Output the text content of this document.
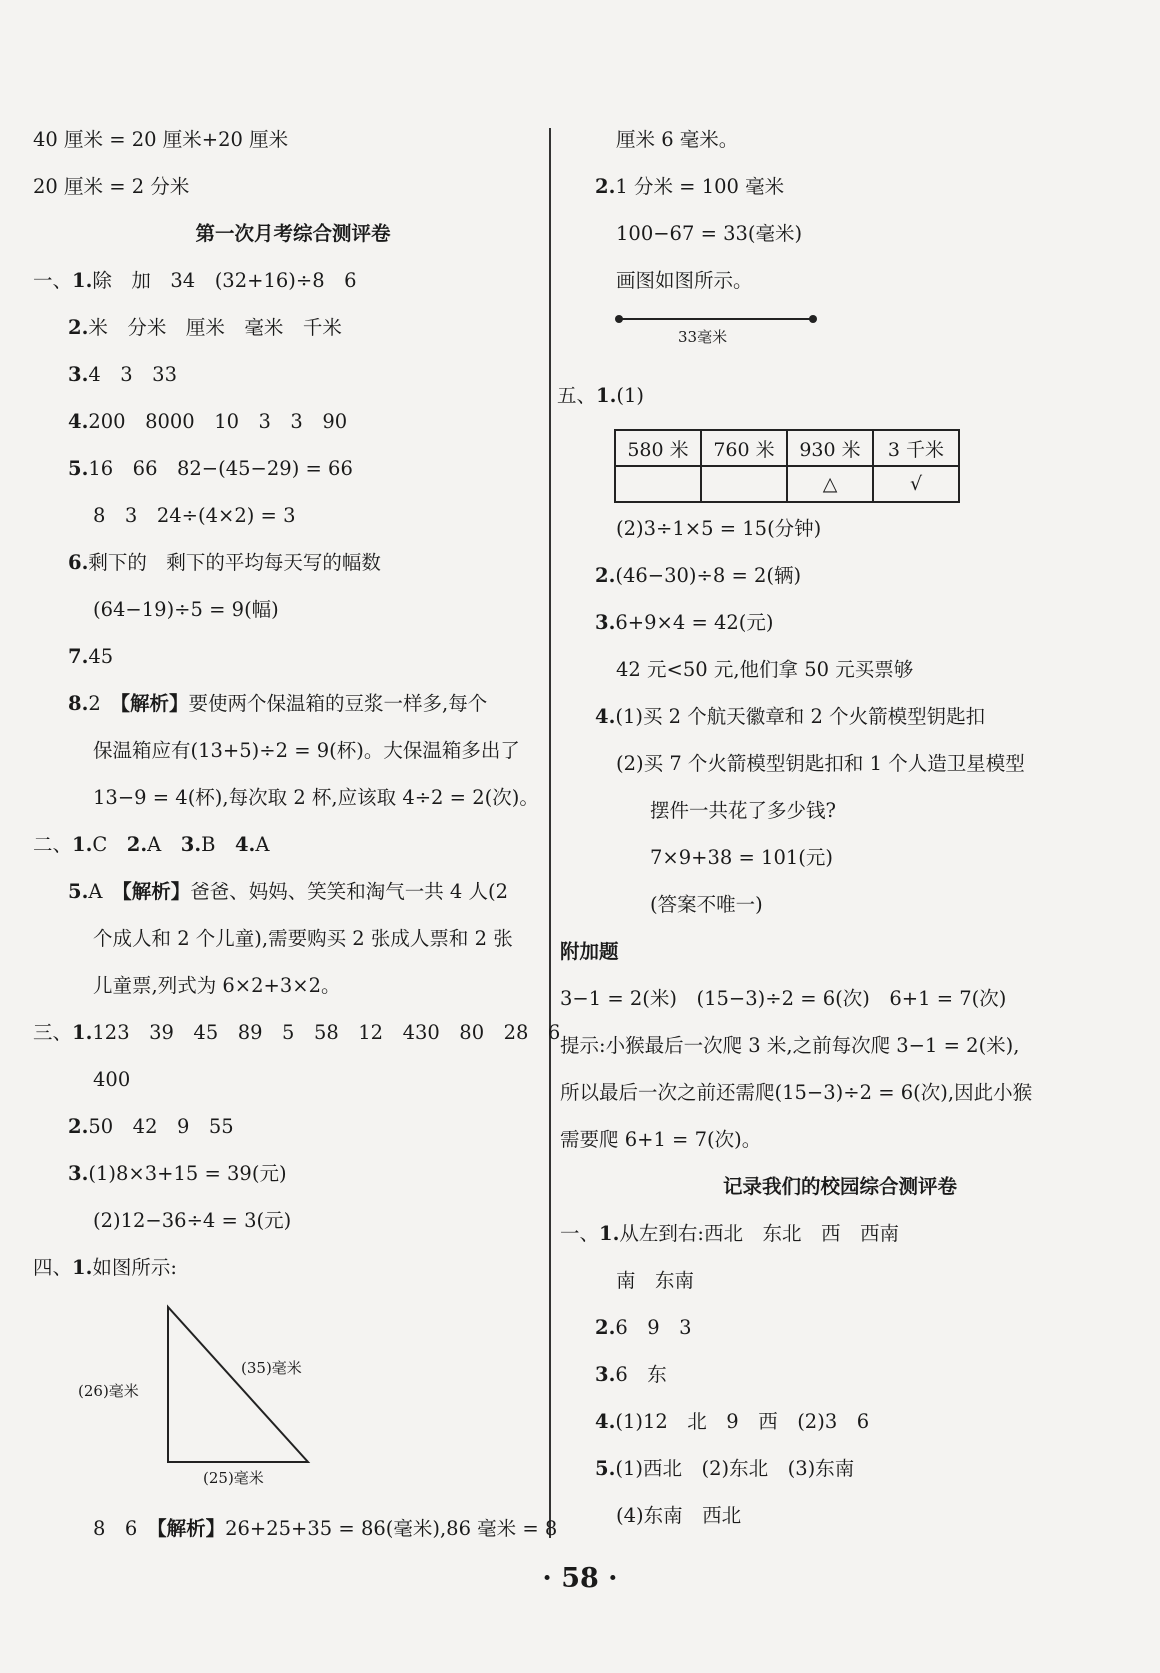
40 厘米 = 20 厘米+20 厘米
20 厘米 = 2 分米
第一次月考综合测评卷
一、1.除　加　34　(32+16)÷8　6
2.米　分米　厘米　毫米　千米
3.4　3　33
4.200　8000　10　3　3　90
5.16　66　82−(45−29) = 66
8　3　24÷(4×2) = 3
6.剩下的　剩下的平均每天写的幅数
(64−19)÷5 = 9(幅)
7.45
8.2　【解析】要使两个保温箱的豆浆一样多,每个
保温箱应有(13+5)÷2 = 9(杯)。大保温箱多出了
13−9 = 4(杯),每次取 2 杯,应该取 4÷2 = 2(次)。
二、1.C　2.A　3.B　4.A
5.A　【解析】爸爸、妈妈、笑笑和淘气一共 4 人(2
个成人和 2 个儿童),需要购买 2 张成人票和 2 张
儿童票,列式为 6×2+3×2。
三、1.123　39　45　89　5　58　12　430　80　28　6
400
2.50　42　9　55
3.(1)8×3+15 = 39(元)
(2)12−36÷4 = 3(元)
四、1.如图所示:
(26)毫米
(35)毫米
(25)毫米
8　6　【解析】26+25+35 = 86(毫米),86 毫米 = 8
厘米 6 毫米。
2.1 分米 = 100 毫米
100−67 = 33(毫米)
画图如图所示。
33毫米
五、1.(1)
580 米	760 米	930 米	3 千米
		△	√
(2)3÷1×5 = 15(分钟)
2.(46−30)÷8 = 2(辆)
3.6+9×4 = 42(元)
42 元<50 元,他们拿 50 元买票够
4.(1)买 2 个航天徽章和 2 个火箭模型钥匙扣
(2)买 7 个火箭模型钥匙扣和 1 个人造卫星模型
摆件一共花了多少钱?
7×9+38 = 101(元)
(答案不唯一)
附加题
3−1 = 2(米)　(15−3)÷2 = 6(次)　6+1 = 7(次)
提示:小猴最后一次爬 3 米,之前每次爬 3−1 = 2(米),
所以最后一次之前还需爬(15−3)÷2 = 6(次),因此小猴
需要爬 6+1 = 7(次)。
记录我们的校园综合测评卷
一、1.从左到右:西北　东北　西　西南
南　东南
2.6　9　3
3.6　东
4.(1)12　北　9　西　(2)3　6
5.(1)西北　(2)东北　(3)东南
(4)东南　西北
· 58 ·
